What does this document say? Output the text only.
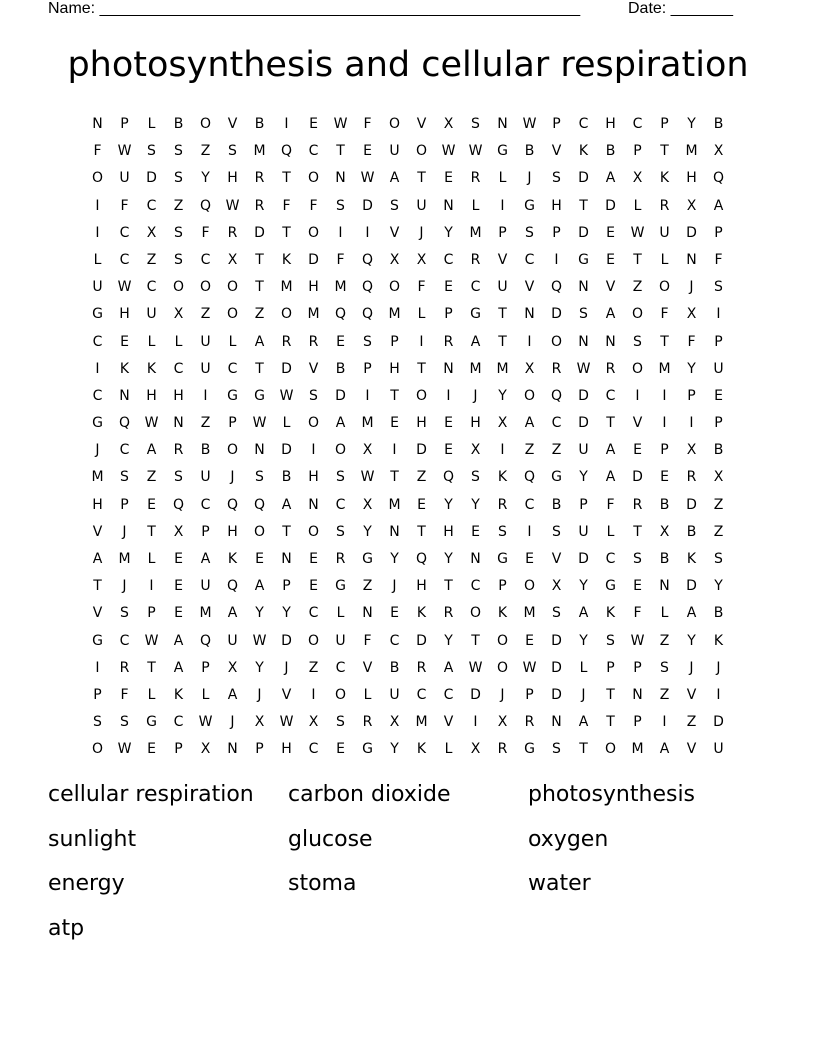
Name: ______________________________________________________	Date: _______
photosynthesis and cellular respiration
N	P	L	B	O	V	B	I	E	W	F	O	V	X	S	N	W	P	C	H	C	P	Y	B
F	W	S	S	Z	S	M	Q	C	T	E	U	O	W W	G	B	V	K	B	P	T	M	X
O	U	D	S	Y	H	R	T	O	N	W	A	T	E	R	L	J	S	D	A	X	K	H	Q
I	F	C	Z	Q	W	R	F	F	S	D	S	U	N	L	I	G	H	T	D	L	R	X	A
I	C	X	S	F	R	D	T	O	I	I	V	J	Y	M	P	S	P	D	E	W	U	D	P
L	C	Z	S	C	X	T	K	D	F	Q	X	X	C	R	V	C	I	G	E	T	L	N	F
U	W	C	O	O	O	T	M	H	M	Q	O	F	E	C	U	V	Q	N	V	Z	O	J	S
G	H	U	X	Z	O	Z	O	M	Q	Q	M	L	P	G	T	N	D	S	A	O	F	X	I
C	E	L	L	U	L	A	R	R	E	S	P	I	R	A	T	I	O	N	N	S	T	F	P
I	K	K	C	U	C	T	D	V	B	P	H	T	N	M	M	X	R	W	R	O	M	Y	U
C	N	H	H	I	G	G	W	S	D	I	T	O	I	J	Y	O	Q	D	C	I	I	P	E
G	Q	W	N	Z	P	W	L	O	A	M	E	H	E	H	X	A	C	D	T	V	I	I	P
J	C	A	R	B	O	N	D	I	O	X	I	D	E	X	I	Z	Z	U	A	E	P	X	B
M	S	Z	S	U	J	S	B	H	S	W	T	Z	Q	S	K	Q	G	Y	A	D	E	R	X
H	P	E	Q	C	Q	Q	A	N	C	X	M	E	Y	Y	R	C	B	P	F	R	B	D	Z
V	J	T	X	P	H	O	T	O	S	Y	N	T	H	E	S	I	S	U	L	T	X	B	Z
A	M	L	E	A	K	E	N	E	R	G	Y	Q	Y	N	G	E	V	D	C	S	B	K	S
T	J	I	E	U	Q	A	P	E	G	Z	J	H	T	C	P	O	X	Y	G	E	N	D	Y
V	S	P	E	M	A	Y	Y	C	L	N	E	K	R	O	K	M	S	A	K	F	L	A	B
G	C	W	A	Q	U	W	D	O	U	F	C	D	Y	T	O	E	D	Y	S	W	Z	Y	K
I	R	T	A	P	X	Y	J	Z	C	V	B	R	A	W	O	W	D	L	P	P	S	J	J
P	F	L	K	L	A	J	V	I	O	L	U	C	C	D	J	P	D	J	T	N	Z	V	I
S	S	G	C	W	J	X	W	X	S	R	X	M	V	I	X	R	N	A	T	P	I	Z	D
O	W	E	P	X	N	P	H	C	E	G	Y	K	L	X	R	G	S	T	O	M	A	V	U
cellular respiration	carbon dioxide	photosynthesis
sunlight	glucose	oxygen
energy	stoma	water
atp
